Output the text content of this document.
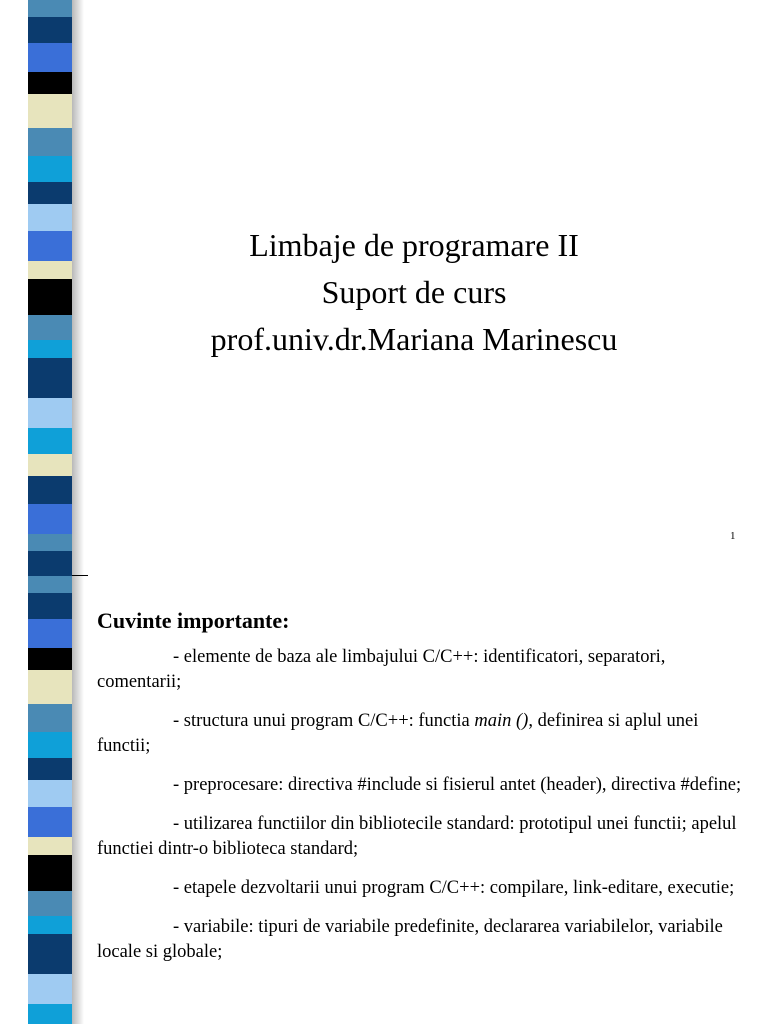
Limbaje de programare II
Suport de curs
prof.univ.dr.Mariana Marinescu
1
Cuvinte importante:
- elemente de baza ale limbajului C/C++: identificatori, separatori, comentarii;
- structura unui program C/C++: functia main (), definirea si aplul unei functii;
- preprocesare: directiva #include si fisierul antet (header), directiva #define;
- utilizarea functiilor din bibliotecile standard: prototipul unei functii; apelul functiei dintr-o biblioteca standard;
- etapele dezvoltarii unui program C/C++: compilare, link-editare, executie;
- variabile: tipuri de variabile predefinite, declararea variabilelor, variabile locale si globale;
